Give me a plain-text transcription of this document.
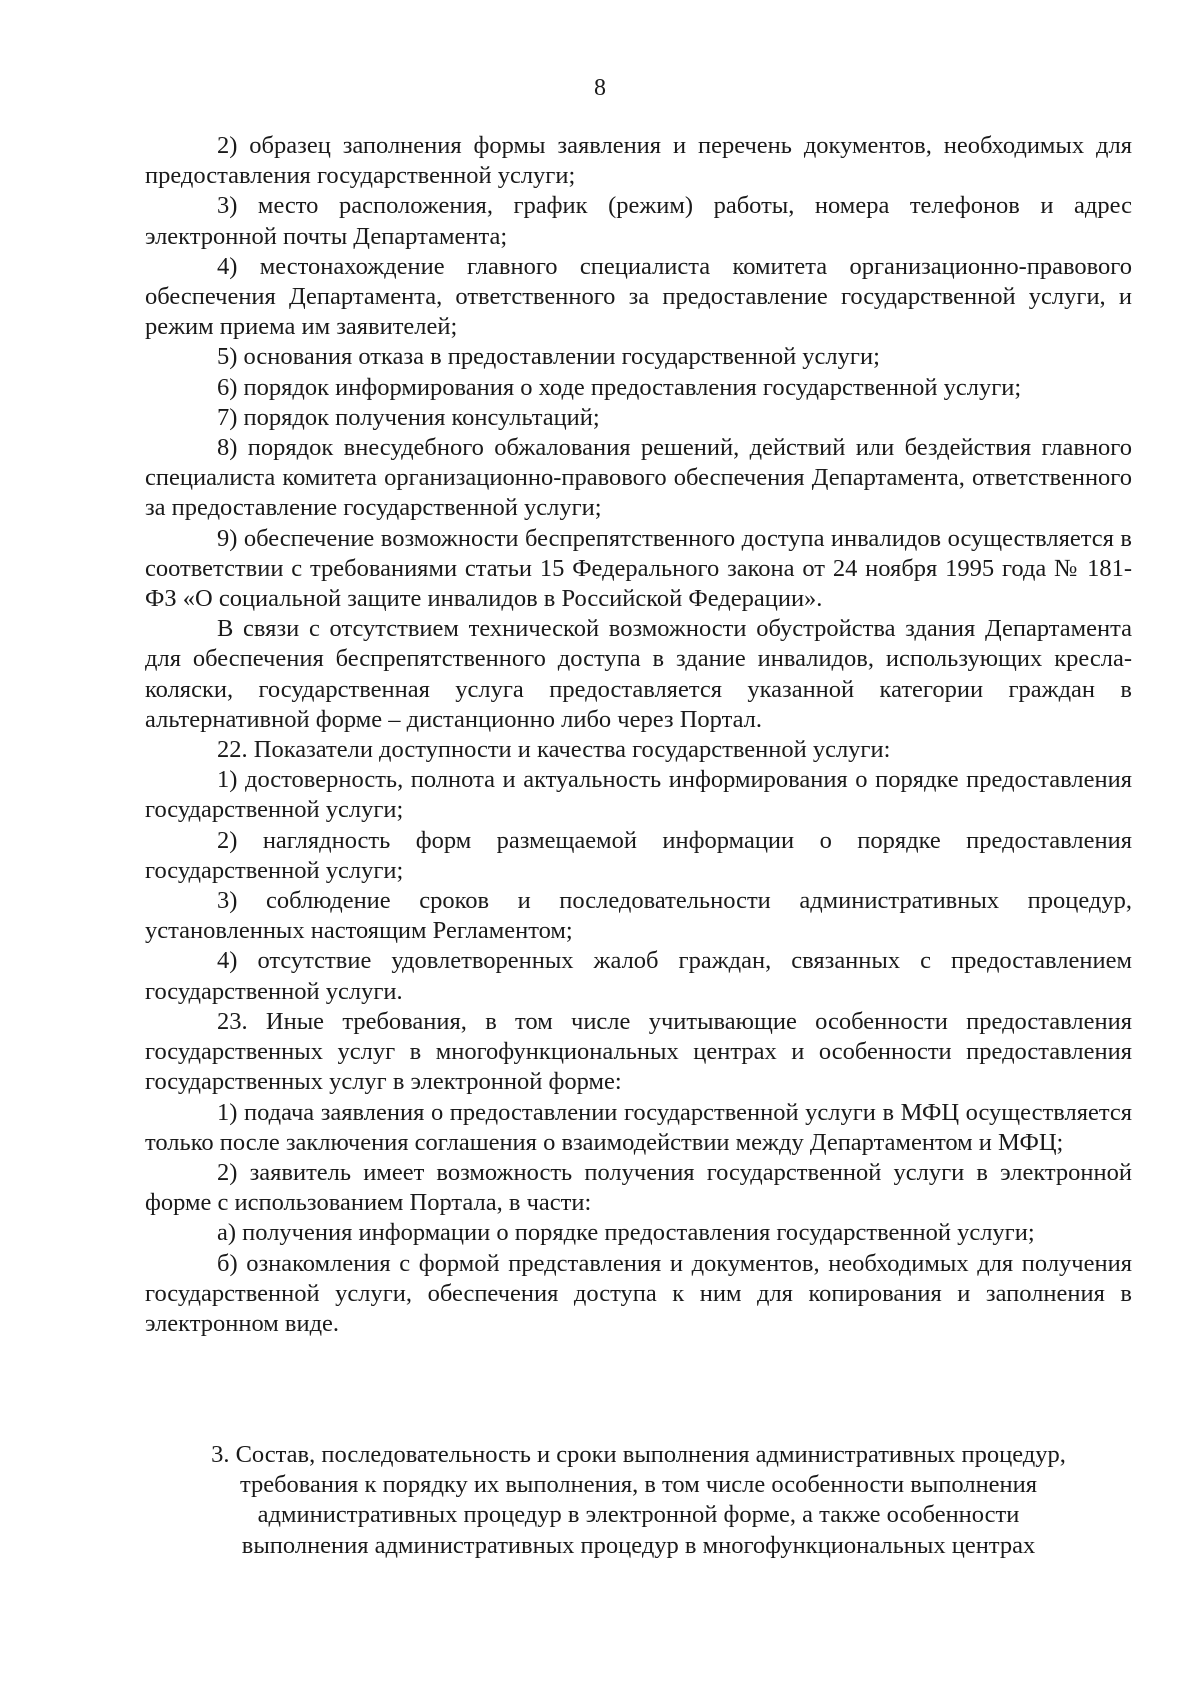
8

2) образец заполнения формы заявления и перечень документов, необходимых для предоставления государственной услуги;

3) место расположения, график (режим) работы, номера телефонов и адрес электронной почты Департамента;

4) местонахождение главного специалиста комитета организационно-правового обеспечения Департамента, ответственного за предоставление государственной услуги, и режим приема им заявителей;

5) основания отказа в предоставлении государственной услуги;

6) порядок информирования о ходе предоставления государственной услуги;

7) порядок получения консультаций;

8) порядок внесудебного обжалования решений, действий или бездействия главного специалиста комитета организационно-правового обеспечения Департамента, ответственного за предоставление государственной услуги;

9) обеспечение возможности беспрепятственного доступа инвалидов осуществляется в соответствии с требованиями статьи 15 Федерального закона от 24 ноября 1995 года № 181-ФЗ «О социальной защите инвалидов в Российской Федерации».

В связи с отсутствием технической возможности обустройства здания Департамента для обеспечения беспрепятственного доступа в здание инвалидов, использующих кресла-коляски, государственная услуга предоставляется указанной категории граждан в альтернативной форме – дистанционно либо через Портал.

22. Показатели доступности и качества государственной услуги:

1) достоверность, полнота и актуальность информирования о порядке предоставления государственной услуги;

2) наглядность форм размещаемой информации о порядке предоставления государственной услуги;

3) соблюдение сроков и последовательности административных процедур, установленных настоящим Регламентом;

4) отсутствие удовлетворенных жалоб граждан, связанных с предоставлением государственной услуги.

23. Иные требования, в том числе учитывающие особенности предоставления государственных услуг в многофункциональных центрах и особенности предоставления государственных услуг в электронной форме:

1) подача заявления о предоставлении государственной услуги в МФЦ осуществляется только после заключения соглашения о взаимодействии между Департаментом и МФЦ;

2) заявитель имеет возможность получения государственной услуги в электронной форме с использованием Портала, в части:

а) получения информации о порядке предоставления государственной услуги;

б) ознакомления с формой представления и документов, необходимых для получения государственной услуги, обеспечения доступа к ним для копирования и заполнения в электронном виде.

3. Состав, последовательность и сроки выполнения административных процедур,
требования к порядку их выполнения, в том числе особенности выполнения
административных процедур в электронной форме, а также особенности
выполнения административных процедур в многофункциональных центрах
